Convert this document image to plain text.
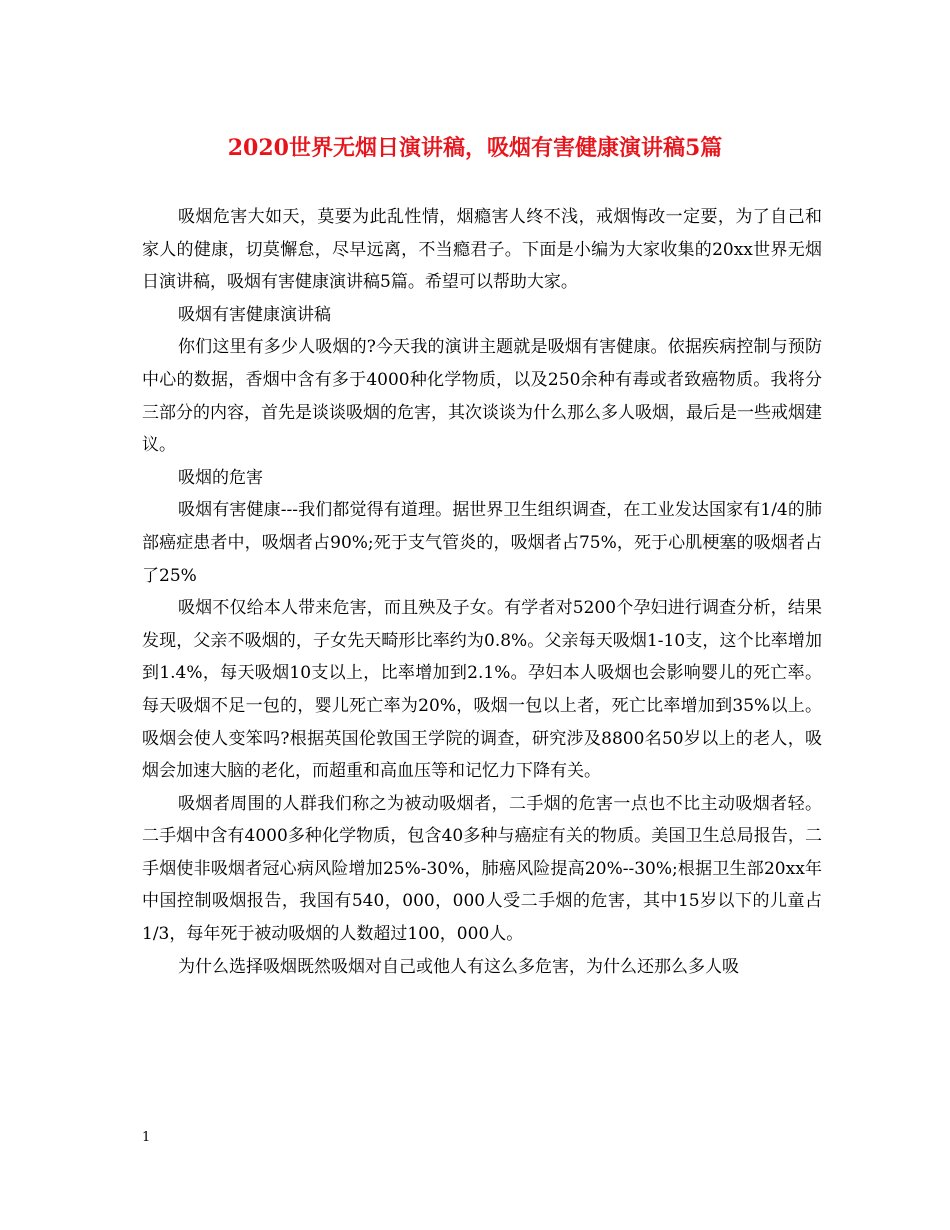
2020世界无烟日演讲稿，吸烟有害健康演讲稿5篇

吸烟危害大如天，莫要为此乱性情，烟瘾害人终不浅，戒烟悔改一定要，为了自己和家人的健康，切莫懈怠，尽早远离，不当瘾君子。下面是小编为大家收集的20xx世界无烟日演讲稿，吸烟有害健康演讲稿5篇。希望可以帮助大家。

吸烟有害健康演讲稿

你们这里有多少人吸烟的?今天我的演讲主题就是吸烟有害健康。依据疾病控制与预防中心的数据，香烟中含有多于4000种化学物质，以及250余种有毒或者致癌物质。我将分三部分的内容，首先是谈谈吸烟的危害，其次谈谈为什么那么多人吸烟，最后是一些戒烟建议。

吸烟的危害

吸烟有害健康---我们都觉得有道理。据世界卫生组织调查，在工业发达国家有1/4的肺部癌症患者中，吸烟者占90%;死于支气管炎的，吸烟者占75%，死于心肌梗塞的吸烟者占了25%

吸烟不仅给本人带来危害，而且殃及子女。有学者对5200个孕妇进行调查分析，结果发现，父亲不吸烟的，子女先天畸形比率约为0.8%。父亲每天吸烟1-10支，这个比率增加到1.4%，每天吸烟10支以上，比率增加到2.1%。孕妇本人吸烟也会影响婴儿的死亡率。每天吸烟不足一包的，婴儿死亡率为20%，吸烟一包以上者，死亡比率增加到35%以上。 吸烟会使人变笨吗?根据英国伦敦国王学院的调查，研究涉及8800名50岁以上的老人，吸烟会加速大脑的老化，而超重和高血压等和记忆力下降有关。

吸烟者周围的人群我们称之为被动吸烟者，二手烟的危害一点也不比主动吸烟者轻。二手烟中含有4000多种化学物质，包含40多种与癌症有关的物质。美国卫生总局报告，二手烟使非吸烟者冠心病风险增加25%-30%，肺癌风险提高20%--30%;根据卫生部20xx年中国控制吸烟报告，我国有540，000，000人受二手烟的危害，其中15岁以下的儿童占1/3，每年死于被动吸烟的人数超过100，000人。

为什么选择吸烟既然吸烟对自己或他人有这么多危害，为什么还那么多人吸

1
